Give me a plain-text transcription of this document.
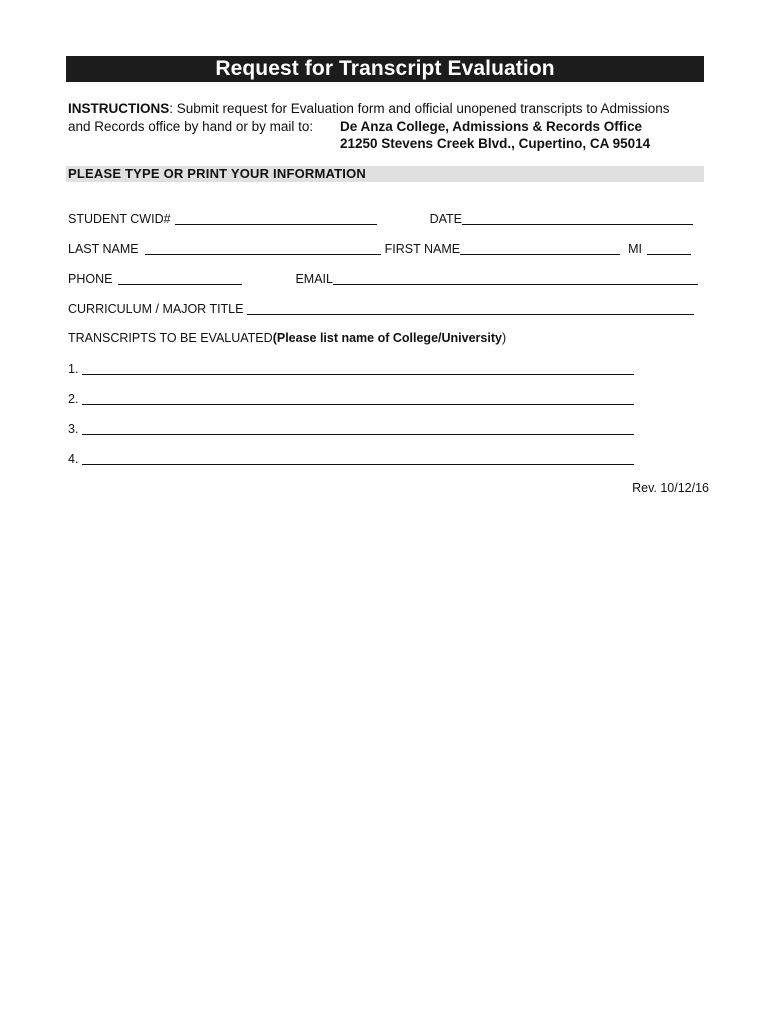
Request for Transcript Evaluation
INSTRUCTIONS : Submit request for Evaluation form and official unopened transcripts to Admissions
and Records office by hand or by mail to:	De Anza College, Admissions & Records Office
21250 Stevens Creek Blvd., Cupertino, CA 95014
PLEASE TYPE OR PRINT YOUR INFORMATION
STUDENT CWID#	DATE
LAST NAME	FIRST NAME	MI
PHONE	EMAIL
CURRICULUM / MAJOR TITLE
TRANSCRIPTS TO BE EVALUATED (Please list name of College/University )
1.
2.
3.
4.
Rev. 10/12/16
